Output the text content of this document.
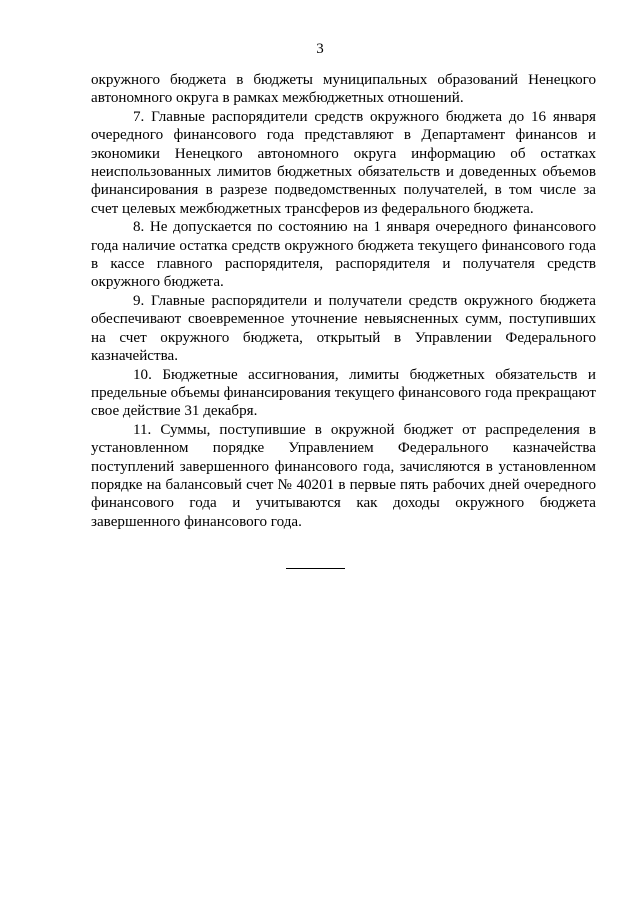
3

окружного бюджета в бюджеты муниципальных образований Ненецкого автономного округа в рамках межбюджетных отношений.

7. Главные распорядители средств окружного бюджета до 16 января очередного финансового года представляют в Департамент финансов и экономики Ненецкого автономного округа информацию об остатках неиспользованных лимитов бюджетных обязательств и доведенных объемов финансирования в разрезе подведомственных получателей, в том числе за счет целевых межбюджетных трансферов из федерального бюджета.

8. Не допускается по состоянию на 1 января очередного финансового года наличие остатка средств окружного бюджета текущего финансового года в кассе главного распорядителя, распорядителя и получателя средств окружного бюджета.

9. Главные распорядители и получатели средств окружного бюджета обеспечивают своевременное уточнение невыясненных сумм, поступивших на счет окружного бюджета, открытый в Управлении Федерального казначейства.

10. Бюджетные ассигнования, лимиты бюджетных обязательств и предельные объемы финансирования текущего финансового года прекращают свое действие 31 декабря.

11. Суммы, поступившие в окружной бюджет от распределения в установленном порядке Управлением Федерального казначейства поступлений завершенного финансового года, зачисляются в установленном порядке на балансовый счет № 40201 в первые пять рабочих дней очередного финансового года и учитываются как доходы окружного бюджета завершенного финансового года.
